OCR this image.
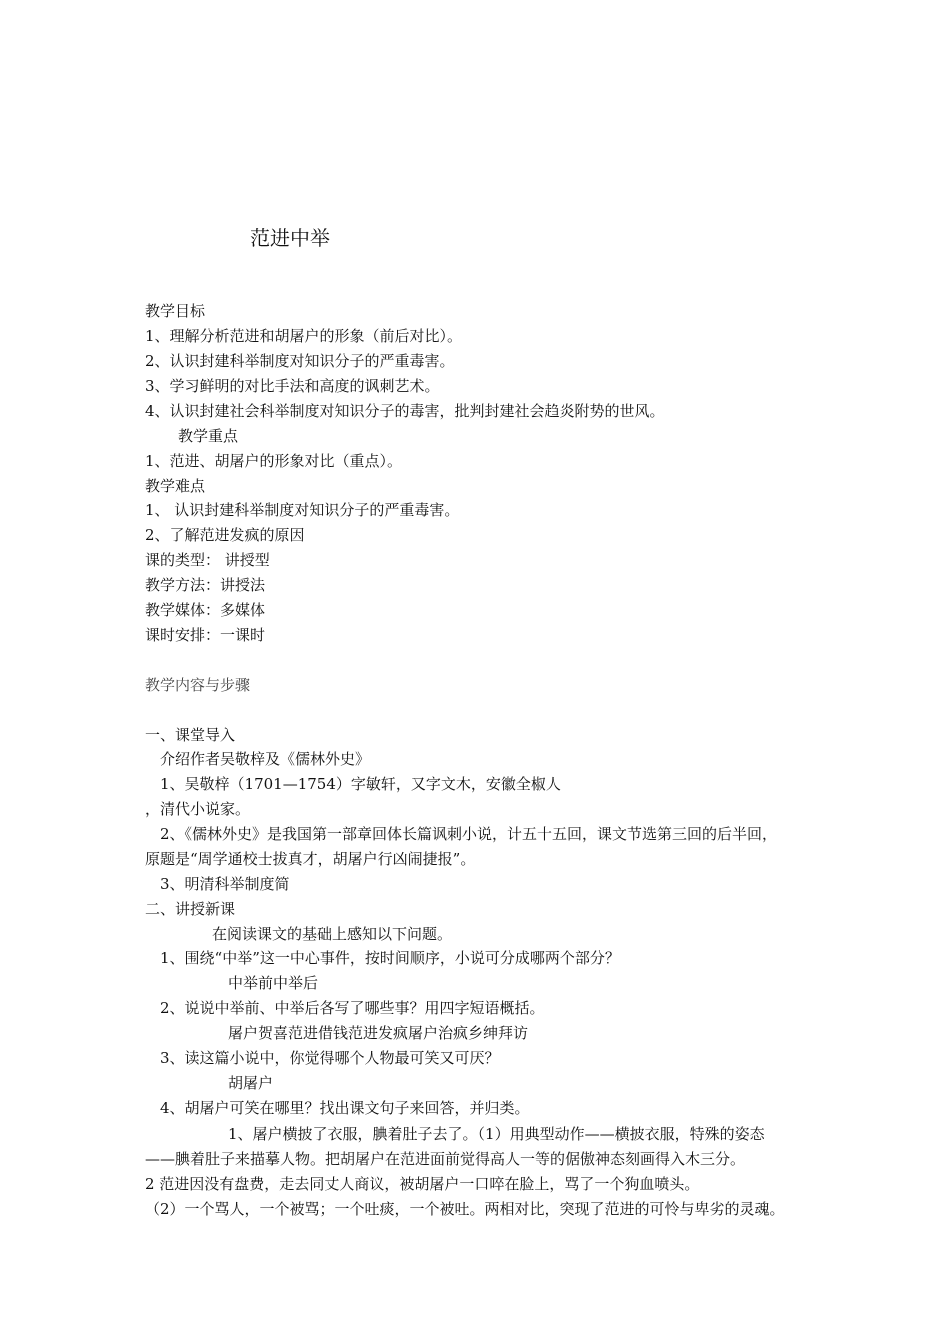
范进中举
教学目标
1、理解分析范进和胡屠户的形象（前后对比）。
2、认识封建科举制度对知识分子的严重毒害。
3、学习鲜明的对比手法和高度的讽刺艺术。
4、认识封建社会科举制度对知识分子的毒害，批判封建社会趋炎附势的世风。
教学重点
1、范进、胡屠户的形象对比（重点）。
教学难点
1、 认识封建科举制度对知识分子的严重毒害。
2、了解范进发疯的原因
课的类型： 讲授型
教学方法：讲授法
教学媒体：多媒体
课时安排：一课时
教学内容与步骤
一、课堂导入
介绍作者吴敬梓及《儒林外史》
1、吴敬梓（1701—1754）字敏轩，又字文木，安徽全椒人
，清代小说家。
2、《儒林外史》是我国第一部章回体长篇讽刺小说，计五十五回，课文节选第三回的后半回，
原题是“周学通校士拔真才，胡屠户行凶闹捷报”。
3、明清科举制度简
二、讲授新课
在阅读课文的基础上感知以下问题。
1、围绕“中举”这一中心事件，按时间顺序，小说可分成哪两个部分？
中举前中举后
2、说说中举前、中举后各写了哪些事？用四字短语概括。
屠户贺喜范进借钱范进发疯屠户治疯乡绅拜访
3、读这篇小说中，你觉得哪个人物最可笑又可厌？
胡屠户
4、胡屠户可笑在哪里？找出课文句子来回答，并归类。
1、屠户横披了衣服，腆着肚子去了。（1）用典型动作——横披衣服，特殊的姿态
——腆着肚子来描摹人物。把胡屠户在范进面前觉得高人一等的倨傲神态刻画得入木三分。
2 范进因没有盘费，走去同丈人商议，被胡屠户一口啐在脸上，骂了一个狗血喷头。
（2）一个骂人，一个被骂；一个吐痰，一个被吐。两相对比，突现了范进的可怜与卑劣的灵魂。
